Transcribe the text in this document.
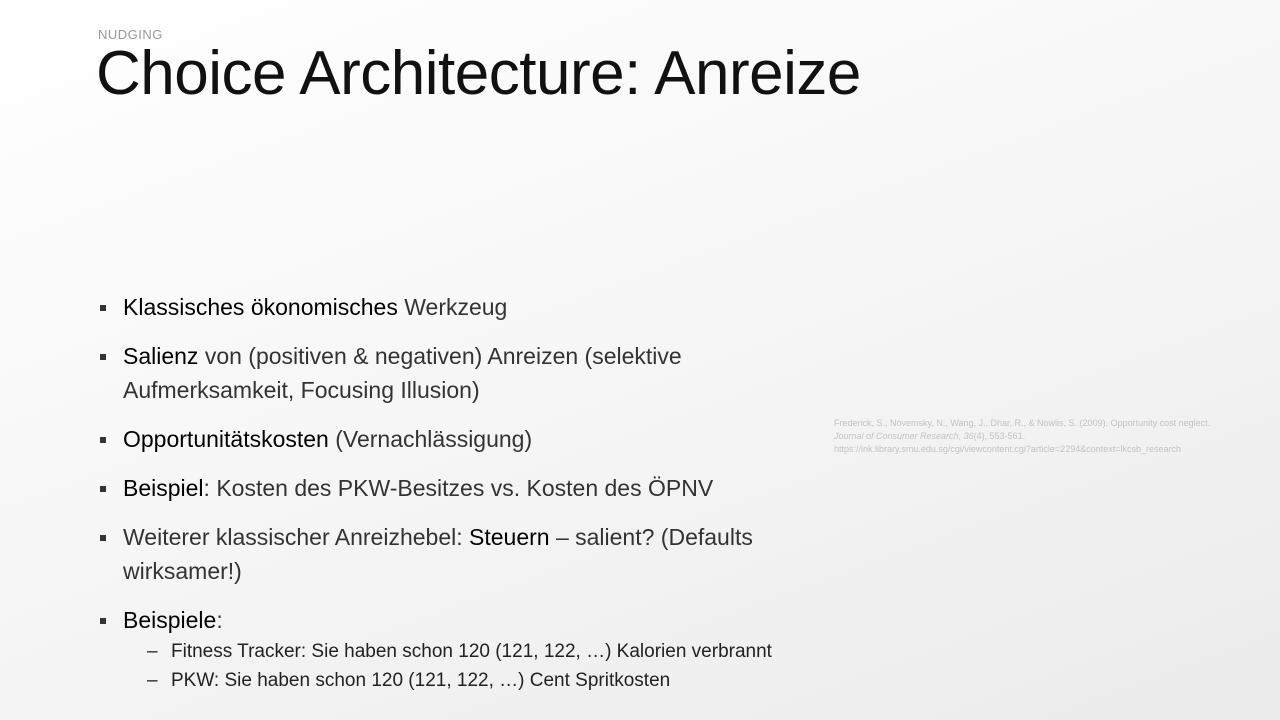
NUDGING
Choice Architecture: Anreize
Klassisches ökonomisches Werkzeug
Salienz von (positiven & negativen) Anreizen (selektive Aufmerksamkeit, Focusing Illusion)
Opportunitätskosten (Vernachlässigung)
Beispiel: Kosten des PKW-Besitzes vs. Kosten des ÖPNV
Weiterer klassischer Anreizhebel: Steuern – salient? (Defaults wirksamer!)
Beispiele:
– Fitness Tracker: Sie haben schon 120 (121, 122, …) Kalorien verbrannt
– PKW: Sie haben schon 120 (121, 122, …) Cent Spritkosten
Frederick, S., Novemsky, N., Wang, J., Dhar, R., & Nowlis, S. (2009). Opportunity cost neglect. Journal of Consumer Research, 36(4), 553-561.
https://ink.library.smu.edu.sg/cgi/viewcontent.cgi?article=2294&context=lkcsb_research
